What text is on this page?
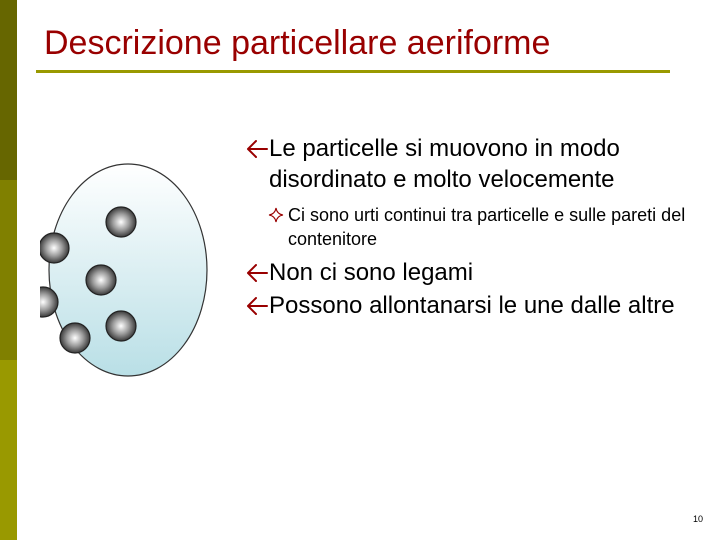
Descrizione particellare aeriforme
Le particelle si muovono in modo disordinato e molto velocemente
Ci sono urti continui tra particelle e sulle pareti del contenitore
Non ci sono legami
Possono allontanarsi le une dalle altre
10
